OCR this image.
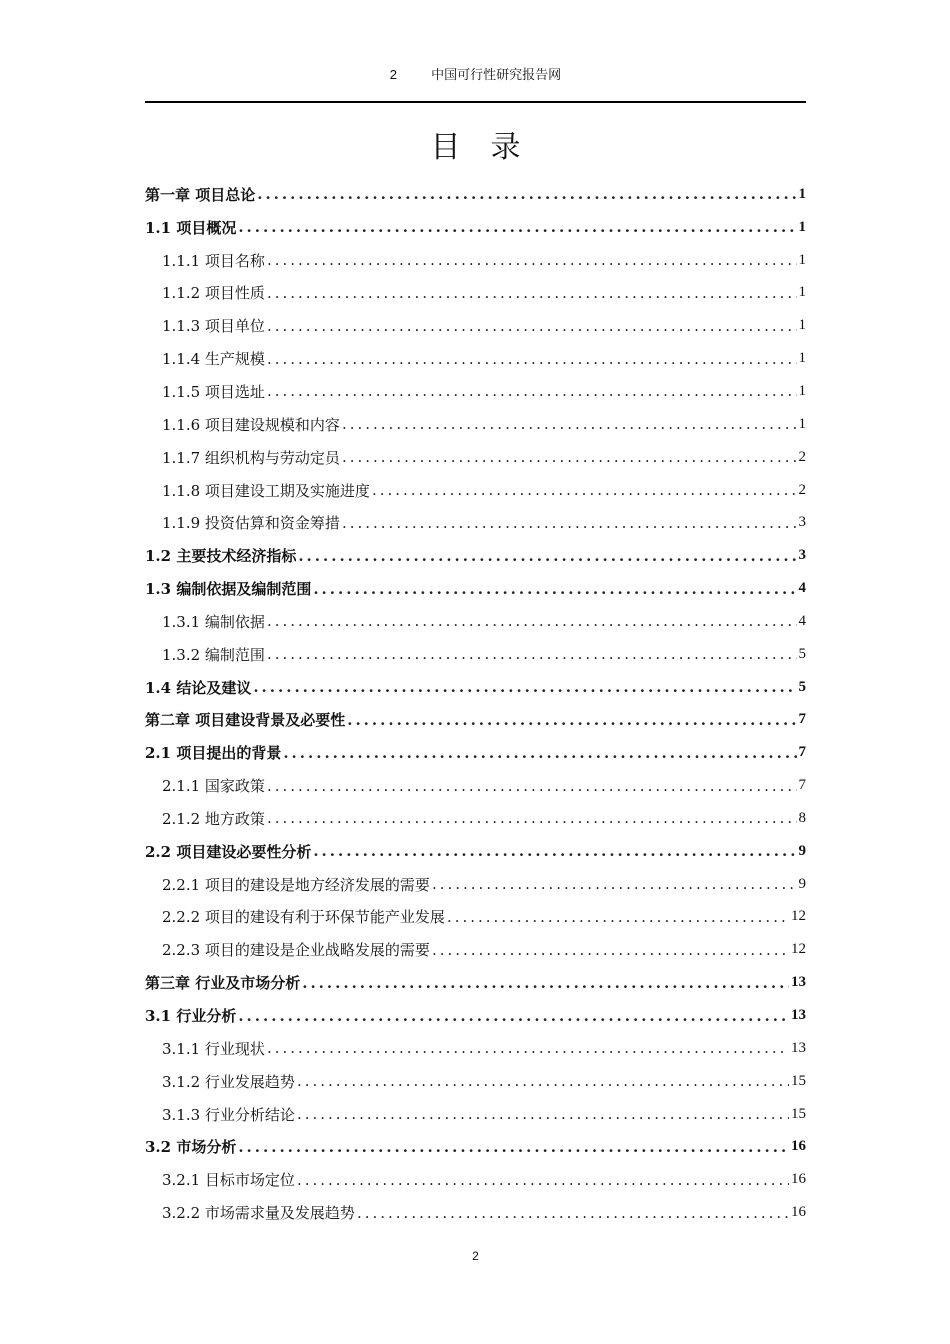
2	中国可行性研究报告网
目录
第一章 项目总论 .....	1
1.1 项目概况 .....	1
1.1.1 项目名称 .....	1
1.1.2 项目性质 .....	1
1.1.3 项目单位 .....	1
1.1.4 生产规模 .....	1
1.1.5 项目选址 .....	1
1.1.6 项目建设规模和内容 .....	1
1.1.7 组织机构与劳动定员 .....	2
1.1.8 项目建设工期及实施进度 .....	2
1.1.9 投资估算和资金筹措 .....	3
1.2 主要技术经济指标 .....	3
1.3 编制依据及编制范围 .....	4
1.3.1 编制依据 .....	4
1.3.2 编制范围 .....	5
1.4 结论及建议 .....	5
第二章 项目建设背景及必要性 .....	7
2.1 项目提出的背景 .....	7
2.1.1 国家政策 .....	7
2.1.2 地方政策 .....	8
2.2 项目建设必要性分析 .....	9
2.2.1 项目的建设是地方经济发展的需要 .....	9
2.2.2 项目的建设有利于环保节能产业发展 .....	12
2.2.3 项目的建设是企业战略发展的需要 .....	12
第三章 行业及市场分析 .....	13
3.1 行业分析 .....	13
3.1.1 行业现状 .....	13
3.1.2 行业发展趋势 .....	15
3.1.3 行业分析结论 .....	15
3.2 市场分析 .....	16
3.2.1 目标市场定位 .....	16
3.2.2 市场需求量及发展趋势 .....	16
2
